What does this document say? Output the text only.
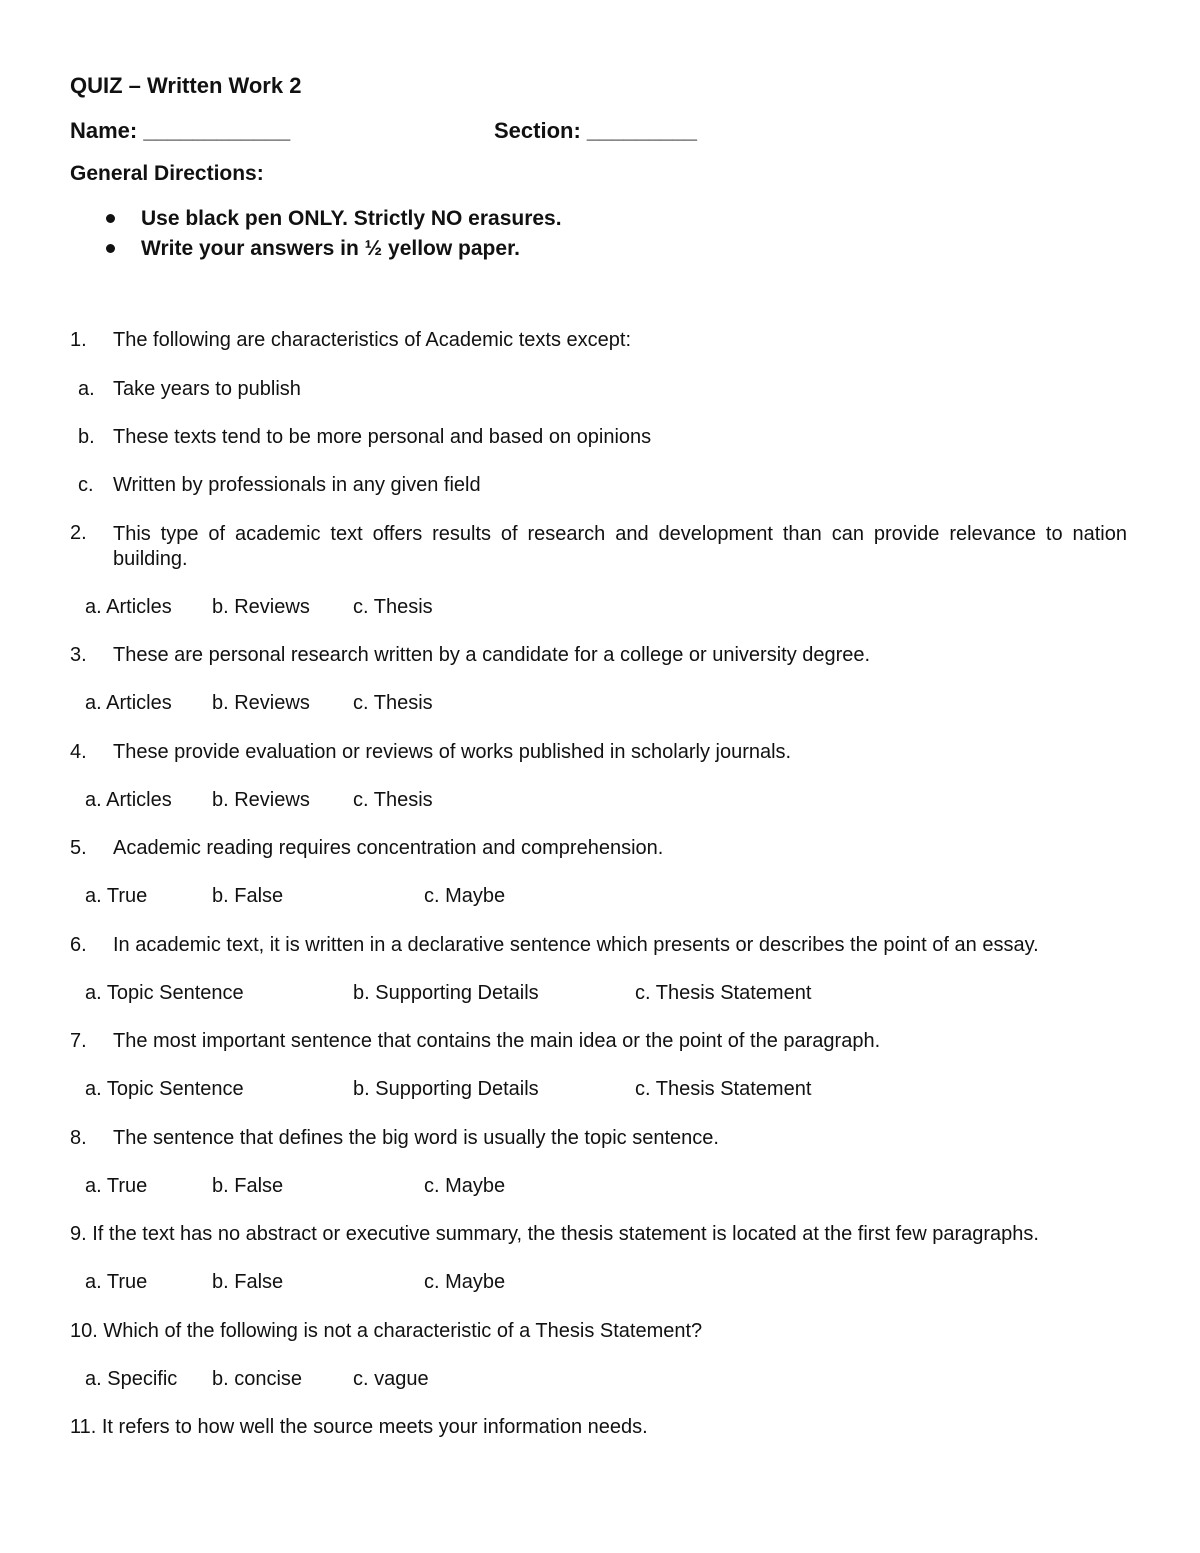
QUIZ – Written Work 2
Name: ____________	Section: _________
General Directions:
Use black pen ONLY. Strictly NO erasures.
Write your answers in ½ yellow paper.
1. The following are characteristics of Academic texts except:
a. Take years to publish
b. These texts tend to be more personal and based on opinions
c. Written by professionals in any given field
2. This type of academic text offers results of research and development than can provide relevance to nation building.
a. Articles b. Reviews c. Thesis
3. These are personal research written by a candidate for a college or university degree.
a. Articles b. Reviews c. Thesis
4. These provide evaluation or reviews of works published in scholarly journals.
a. Articles b. Reviews c. Thesis
5. Academic reading requires concentration and comprehension.
a. True	b. False	c. Maybe
6. In academic text, it is written in a declarative sentence which presents or describes the point of an essay.
a. Topic Sentence	b. Supporting Details	c. Thesis Statement
7. The most important sentence that contains the main idea or the point of the paragraph.
a. Topic Sentence	b. Supporting Details	c. Thesis Statement
8. The sentence that defines the big word is usually the topic sentence.
a. True	b. False	c. Maybe
9. If the text has no abstract or executive summary, the thesis statement is located at the first few paragraphs.
a. True	b. False	c. Maybe
10. Which of the following is not a characteristic of a Thesis Statement?
a. Specific b. concise	c. vague
11. It refers to how well the source meets your information needs.
